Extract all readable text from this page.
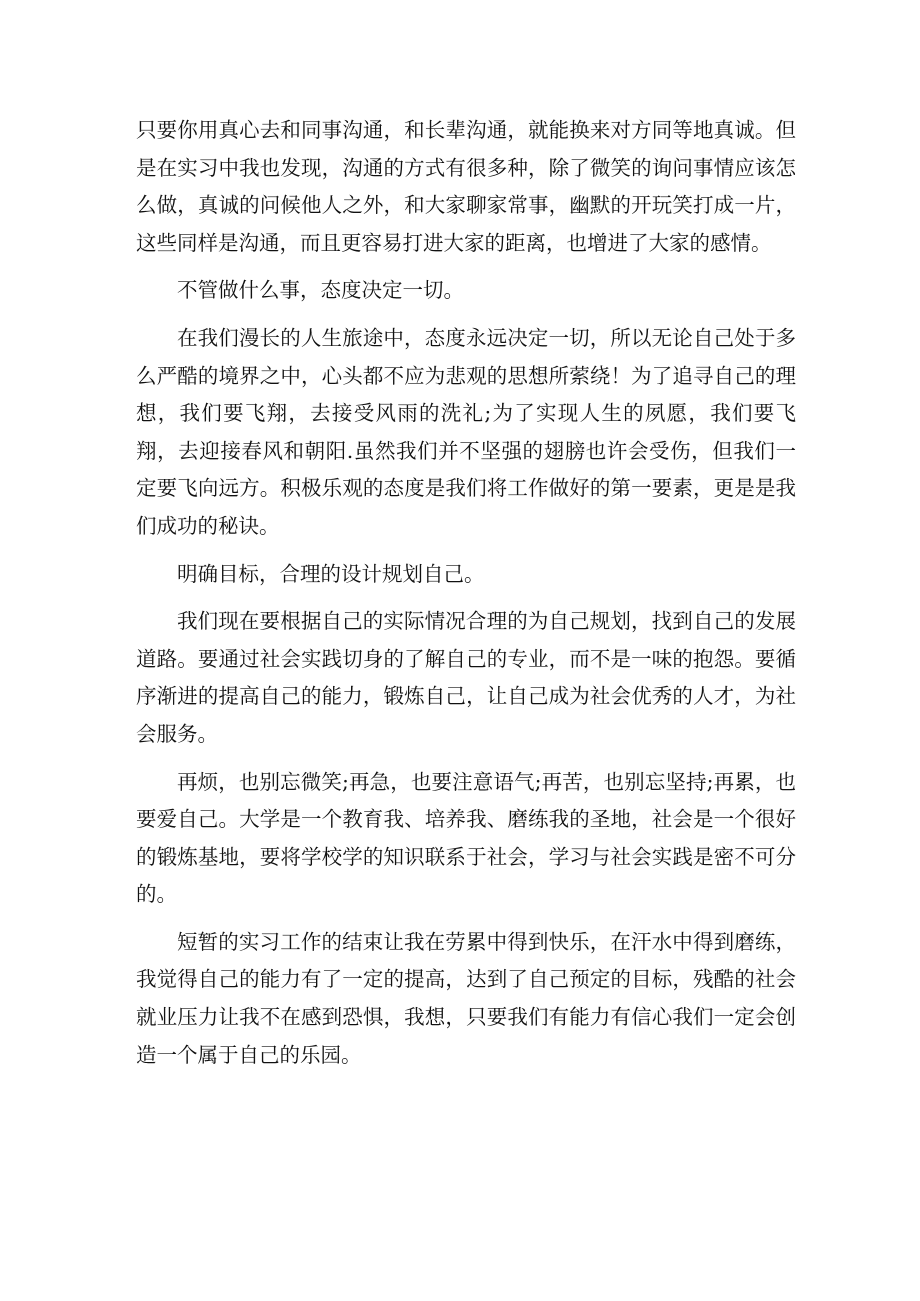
只要你用真心去和同事沟通，和长辈沟通，就能换来对方同等地真诚。但是在实习中我也发现，沟通的方式有很多种，除了微笑的询问事情应该怎么做，真诚的问候他人之外，和大家聊家常事，幽默的开玩笑打成一片，这些同样是沟通，而且更容易打进大家的距离，也增进了大家的感情。

不管做什么事，态度决定一切。

在我们漫长的人生旅途中，态度永远决定一切，所以无论自己处于多么严酷的境界之中，心头都不应为悲观的思想所萦绕！为了追寻自己的理想，我们要飞翔，去接受风雨的洗礼;为了实现人生的夙愿，我们要飞翔，去迎接春风和朝阳.虽然我们并不坚强的翅膀也许会受伤，但我们一定要飞向远方。积极乐观的态度是我们将工作做好的第一要素，更是是我们成功的秘诀。

明确目标，合理的设计规划自己。

我们现在要根据自己的实际情况合理的为自己规划，找到自己的发展道路。要通过社会实践切身的了解自己的专业，而不是一味的抱怨。要循序渐进的提高自己的能力，锻炼自己，让自己成为社会优秀的人才，为社会服务。

再烦，也别忘微笑;再急，也要注意语气;再苦，也别忘坚持;再累，也要爱自己。大学是一个教育我、培养我、磨练我的圣地，社会是一个很好的锻炼基地，要将学校学的知识联系于社会，学习与社会实践是密不可分的。

短暂的实习工作的结束让我在劳累中得到快乐，在汗水中得到磨练，我觉得自己的能力有了一定的提高，达到了自己预定的目标，残酷的社会就业压力让我不在感到恐惧，我想，只要我们有能力有信心我们一定会创造一个属于自己的乐园。
